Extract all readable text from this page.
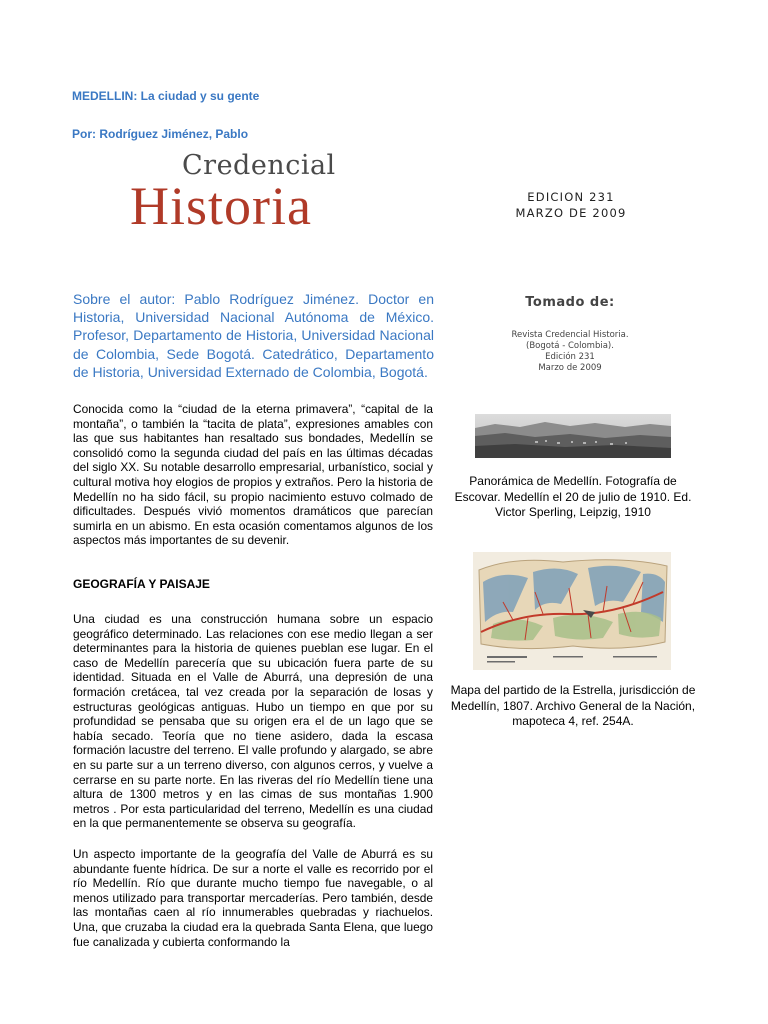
MEDELLIN: La ciudad y su gente
Por: Rodríguez Jiménez, Pablo
Credencial
Historia	EDICION 231
MARZO DE 2009
Sobre el autor: Pablo Rodríguez Jiménez. Doctor en Historia, Universidad Nacional Autónoma de México. Profesor, Departamento de Historia, Universidad Nacional de Colombia, Sede Bogotá. Catedrático, Departamento de Historia, Universidad Externado de Colombia, Bogotá.
Conocida como la “ciudad de la eterna primavera”, “capital de la montaña”, o también la “tacita de plata”, expresiones amables con las que sus habitantes han resaltado sus bondades, Medellín se consolidó como la segunda ciudad del país en las últimas décadas del siglo XX. Su notable desarrollo empresarial, urbanístico, social y cultural motiva hoy elogios de propios y extraños. Pero la historia de Medellín no ha sido fácil, su propio nacimiento estuvo colmado de dificultades. Después vivió momentos dramáticos que parecían sumirla en un abismo. En esta ocasión comentamos algunos de los aspectos más importantes de su devenir.
GEOGRAFÍA Y PAISAJE
Una ciudad es una construcción humana sobre un espacio geográfico determinado. Las relaciones con ese medio llegan a ser determinantes para la historia de quienes pueblan ese lugar. En el caso de Medellín parecería que su ubicación fuera parte de su identidad. Situada en el Valle de Aburrá, una depresión de una formación cretácea, tal vez creada por la separación de losas y estructuras geológicas antiguas. Hubo un tiempo en que por su profundidad se pensaba que su origen era el de un lago que se había secado. Teoría que no tiene asidero, dada la escasa formación lacustre del terreno. El valle profundo y alargado, se abre en su parte sur a un terreno diverso, con algunos cerros, y vuelve a cerrarse en su parte norte. En las riveras del río Medellín tiene una altura de 1300 metros y en las cimas de sus montañas 1.900 metros . Por esta particularidad del terreno, Medellín es una ciudad en la que permanentemente se observa su geografía.
Un aspecto importante de la geografía del Valle de Aburrá es su abundante fuente hídrica. De sur a norte el valle es recorrido por el río Medellín. Río que durante mucho tiempo fue navegable, o al menos utilizado para transportar mercaderías. Pero también, desde las montañas caen al río innumerables quebradas y riachuelos. Una, que cruzaba la ciudad era la quebrada Santa Elena, que luego fue canalizada y cubierta conformando la
Tomado de:
Revista Credencial Historia.
(Bogotá - Colombia).
Edición 231
Marzo de 2009
Panorámica de Medellín. Fotografía de Escovar. Medellín el 20 de julio de 1910. Ed. Victor Sperling, Leipzig, 1910
Mapa del partido de la Estrella, jurisdicción de Medellín, 1807. Archivo General de la Nación, mapoteca 4, ref. 254A.
